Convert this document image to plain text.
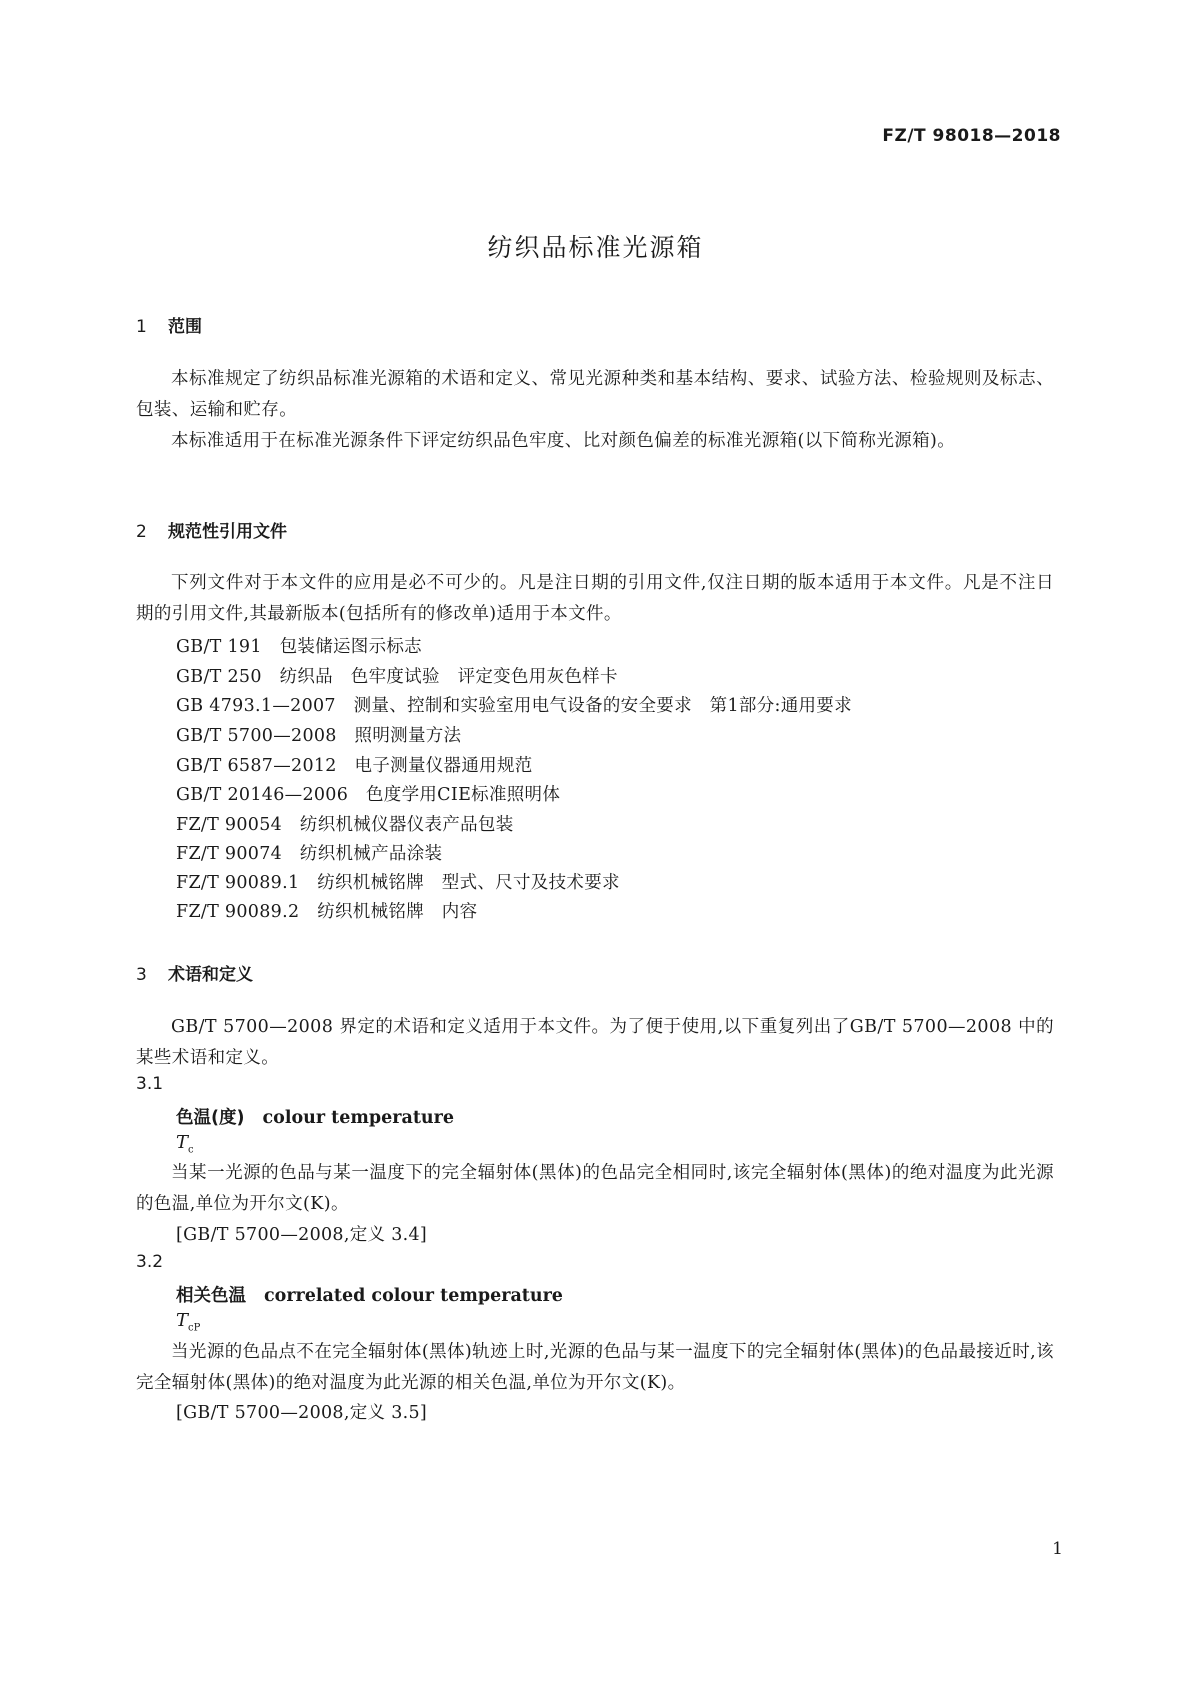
FZ/T 98018—2018
纺织品标准光源箱
1 范围
本标准规定了纺织品标准光源箱的术语和定义、常见光源种类和基本结构、要求、试验方法、检验规则及标志、包装、运输和贮存。
本标准适用于在标准光源条件下评定纺织品色牢度、比对颜色偏差的标准光源箱(以下简称光源箱)。
2 规范性引用文件
下列文件对于本文件的应用是必不可少的。凡是注日期的引用文件,仅注日期的版本适用于本文件。凡是不注日期的引用文件,其最新版本(包括所有的修改单)适用于本文件。
GB/T 191　包装储运图示标志
GB/T 250　纺织品　色牢度试验　评定变色用灰色样卡
GB 4793.1—2007　测量、控制和实验室用电气设备的安全要求　第1部分:通用要求
GB/T 5700—2008　照明测量方法
GB/T 6587—2012　电子测量仪器通用规范
GB/T 20146—2006　色度学用CIE标准照明体
FZ/T 90054　纺织机械仪器仪表产品包装
FZ/T 90074　纺织机械产品涂装
FZ/T 90089.1　纺织机械铭牌　型式、尺寸及技术要求
FZ/T 90089.2　纺织机械铭牌　内容
3 术语和定义
GB/T 5700—2008 界定的术语和定义适用于本文件。为了便于使用,以下重复列出了GB/T 5700—2008 中的某些术语和定义。
3.1
色温(度) colour temperature
$T_c$
当某一光源的色品与某一温度下的完全辐射体(黑体)的色品完全相同时,该完全辐射体(黑体)的绝对温度为此光源的色温,单位为开尔文(K)。
[GB/T 5700—2008,定义 3.4]
3.2
相关色温 correlated colour temperature
$T_{cP}$
当光源的色品点不在完全辐射体(黑体)轨迹上时,光源的色品与某一温度下的完全辐射体(黑体)的色品最接近时,该完全辐射体(黑体)的绝对温度为此光源的相关色温,单位为开尔文(K)。
[GB/T 5700—2008,定义 3.5]
1
